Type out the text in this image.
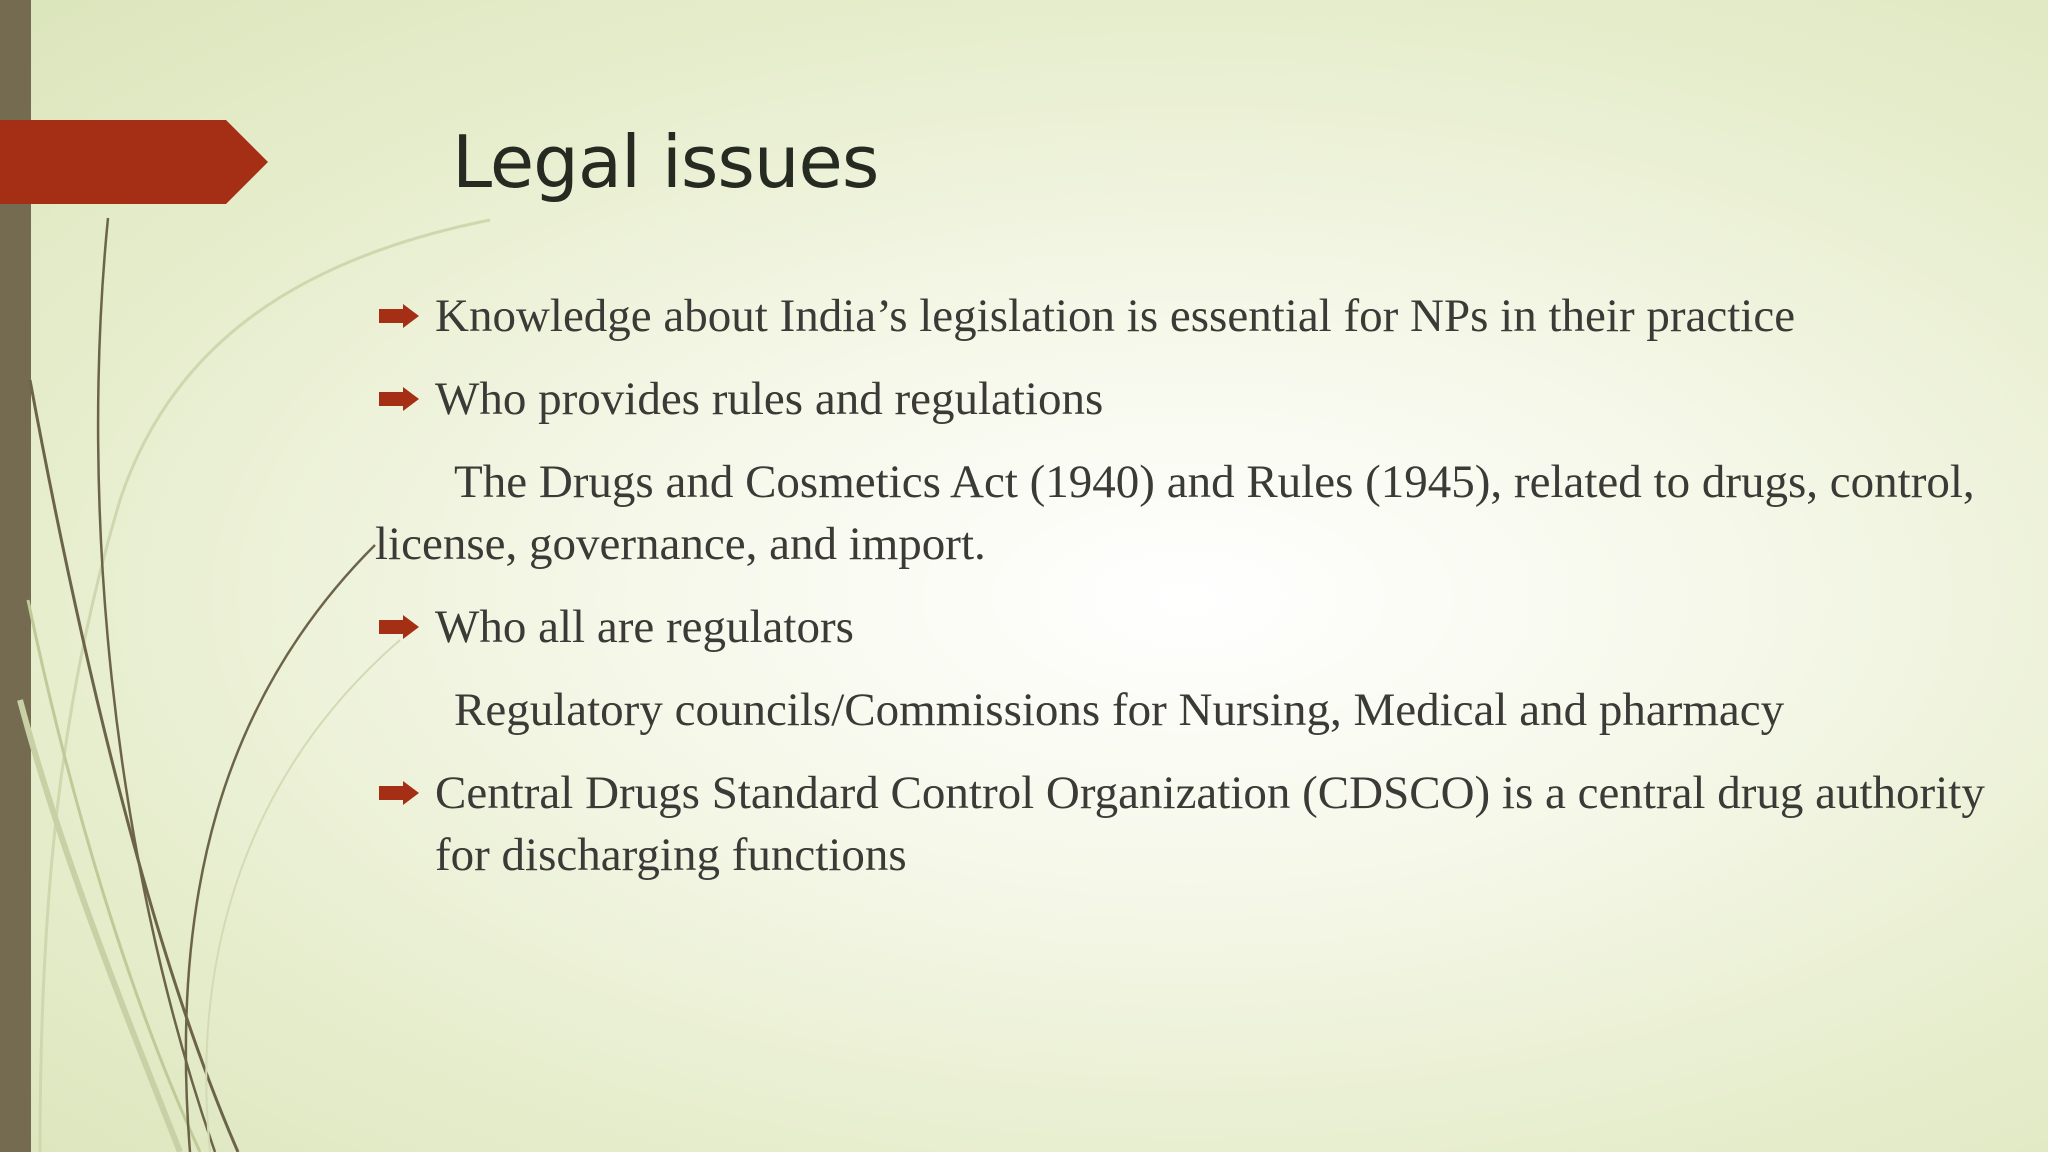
Legal issues
Knowledge about India’s legislation is essential for NPs in their practice
Who provides rules and regulations
The Drugs and Cosmetics Act (1940) and Rules (1945), related to drugs, control, license, governance, and import.
Who all are regulators
Regulatory councils/Commissions for Nursing, Medical and pharmacy
Central Drugs Standard Control Organization (CDSCO) is a central drug authority for discharging functions
